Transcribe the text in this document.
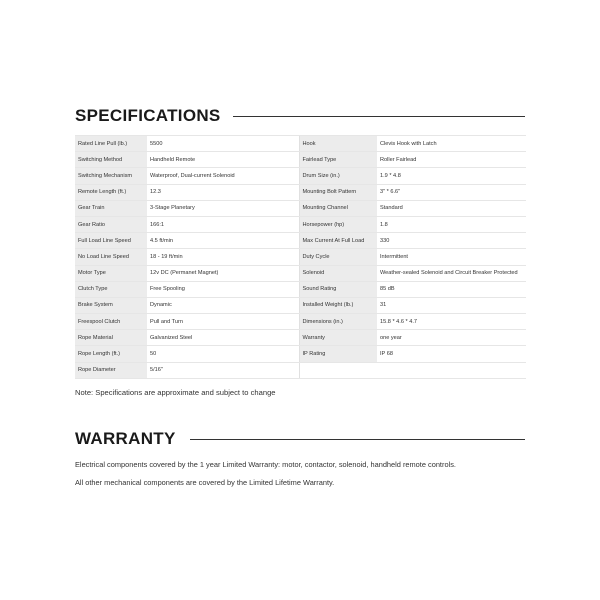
SPECIFICATIONS
Rated Line Pull (lb.)	5500	Hook	Clevis Hook with Latch
Switching Method	Handheld Remote	Fairlead Type	Roller Fairlead
Switching Mechanism	Waterproof, Dual-current Solenoid	Drum Size (in.)	1.9 * 4.8
Remote Length (ft.)	12.3	Mounting Bolt Pattern	3" * 6.6"
Gear Train	3-Stage Planetary	Mounting Channel	Standard
Gear Ratio	166:1	Horsepower (hp)	1.8
Full Load Line Speed	4.5 ft/min	Max Current At Full Load	330
No Load Line Speed	18 - 19 ft/min	Duty Cycle	Intermittent
Motor Type	12v DC (Permanet Magnet)	Solenoid	Weather-sealed Solenoid and Circuit Breaker Protected
Clutch Type	Free Spooling	Sound Rating	85 dB
Brake System	Dynamic	Installed Weight (lb.)	31
Freespool Clutch	Pull and Turn	Dimensions (in.)	15.8 * 4.6 * 4.7
Rope Material	Galvanized Steel	Warranty	one year
Rope Length (ft.)	50	IP Rating	IP 68
Rope Diameter	5/16"		
Note: Specifications are approximate and subject to change
WARRANTY
Electrical components covered by the 1 year Limited Warranty: motor, contactor, solenoid, handheld remote controls.
All other mechanical components are covered by the Limited Lifetime Warranty.
